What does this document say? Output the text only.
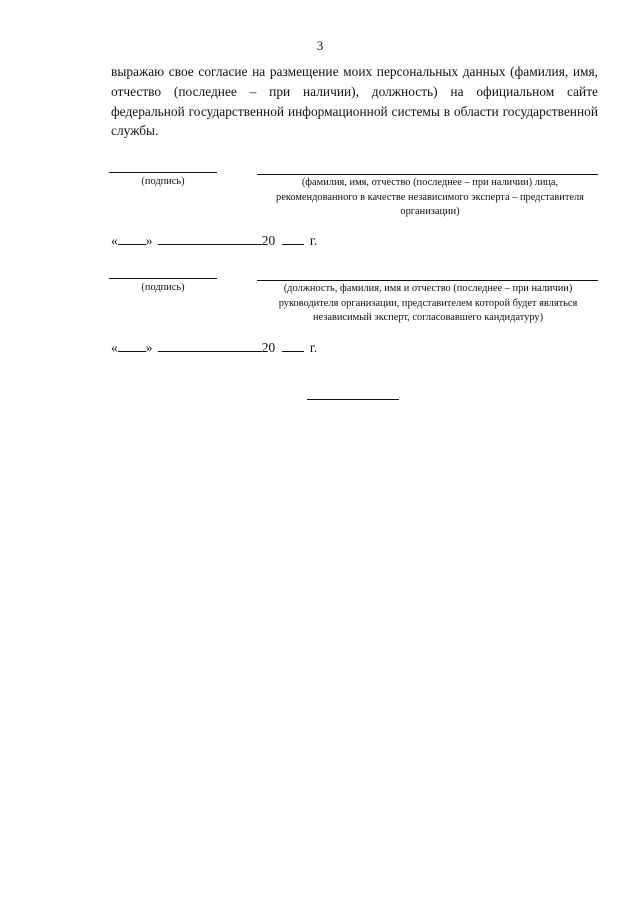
3

выражаю свое согласие на размещение моих персональных данных (фамилия, имя, отчество (последнее – при наличии), должность) на официальном сайте федеральной государственной информационной системы в области государственной службы.

(подпись)	(фамилия, имя, отчество (последнее – при наличии) лица, рекомендованного в качестве независимого эксперта – представителя организации)

« »	20	г.
(подпись)	(должность, фамилия, имя и отчество (последнее – при наличии) руководителя организации, представителем которой будет являться независимый эксперт, согласовавшего кандидатуру)

« »	20	г.
